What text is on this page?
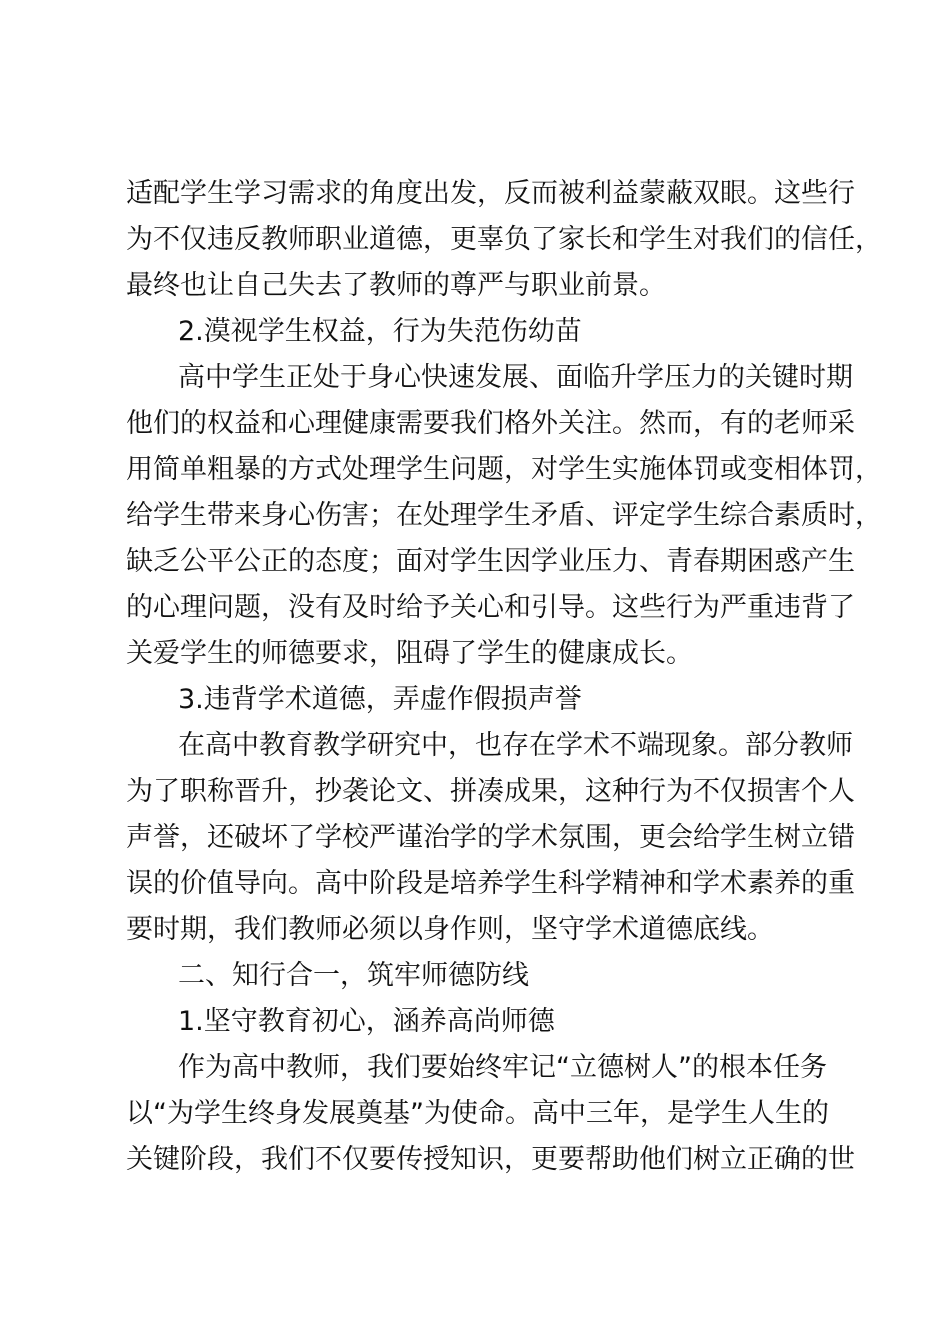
适配学生学习需求的角度出发，反而被利益蒙蔽双眼。这些行
为不仅违反教师职业道德，更辜负了家长和学生对我们的信任，
最终也让自己失去了教师的尊严与职业前景。
2.漠视学生权益，行为失范伤幼苗
高中学生正处于身心快速发展、面临升学压力的关键时期
他们的权益和心理健康需要我们格外关注。然而，有的老师采
用简单粗暴的方式处理学生问题，对学生实施体罚或变相体罚，
给学生带来身心伤害；在处理学生矛盾、评定学生综合素质时，
缺乏公平公正的态度；面对学生因学业压力、青春期困惑产生
的心理问题，没有及时给予关心和引导。这些行为严重违背了
关爱学生的师德要求，阻碍了学生的健康成长。
3.违背学术道德，弄虚作假损声誉
在高中教育教学研究中，也存在学术不端现象。部分教师
为了职称晋升，抄袭论文、拼凑成果，这种行为不仅损害个人
声誉，还破坏了学校严谨治学的学术氛围，更会给学生树立错
误的价值导向。高中阶段是培养学生科学精神和学术素养的重
要时期，我们教师必须以身作则，坚守学术道德底线。
二、知行合一，筑牢师德防线
1.坚守教育初心，涵养高尚师德
作为高中教师，我们要始终牢记“立德树人”的根本任务
以“为学生终身发展奠基”为使命。高中三年，是学生人生的
关键阶段，我们不仅要传授知识，更要帮助他们树立正确的世
